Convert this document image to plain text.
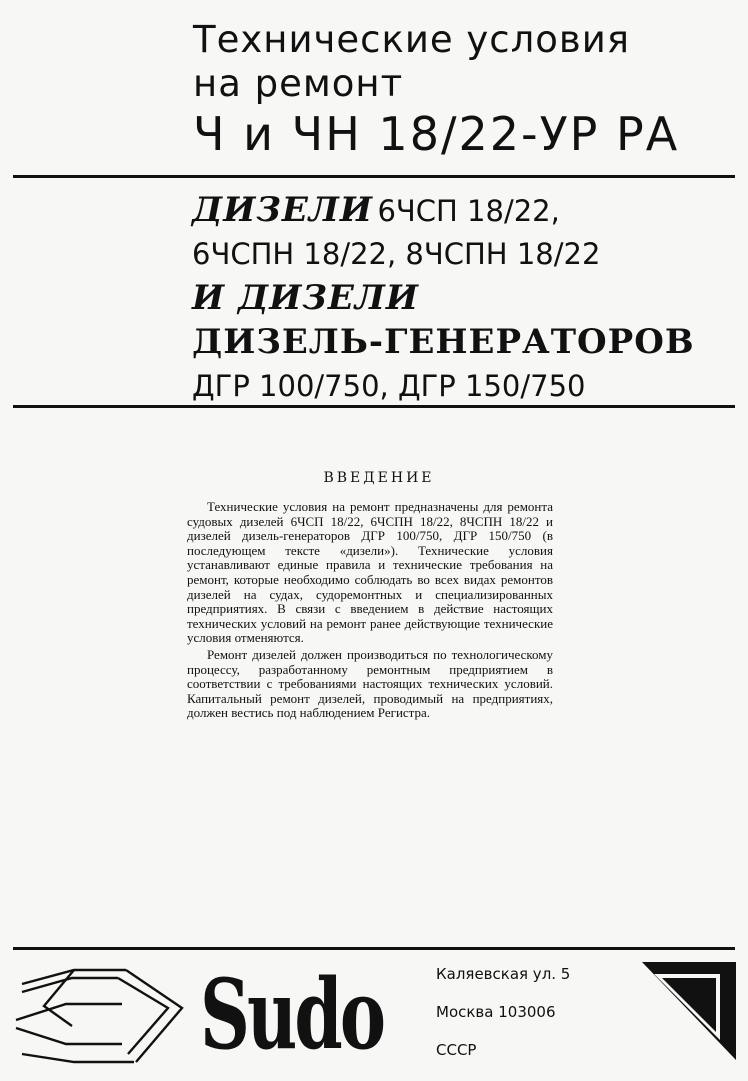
Технические условия
на ремонт
Ч и ЧН 18/22-УР РА
ДИЗЕЛИ 6ЧСП 18/22,
6ЧСПН 18/22, 8ЧСПН 18/22
И ДИЗЕЛИ
ДИЗЕЛЬ-ГЕНЕРАТОРОВ
ДГР 100/750, ДГР 150/750
ВВЕДЕНИЕ

Технические условия на ремонт предназначены для ремонта судовых дизелей 6ЧСП 18/22, 6ЧСПН 18/22, 8ЧСПН 18/22 и дизелей дизель-генераторов ДГР 100/750, ДГР 150/750 (в последующем тексте «дизели»). Технические условия устанавливают единые правила и технические требования на ремонт, которые необходимо соблюдать во всех видах ремонтов дизелей на судах, судоремонтных и специализированных предприятиях. В связи с введением в действие настоящих технических условий на ремонт ранее действующие технические условия отменяются.

Ремонт дизелей должен производиться по технологическому процессу, разработанному ремонтным предприятием в соответствии с требованиями настоящих технических условий. Капитальный ремонт дизелей, проводимый на предприятиях, должен вестись под наблюдением Регистра.

Sudo	Каляевская ул. 5
Москва 103006
СССР
